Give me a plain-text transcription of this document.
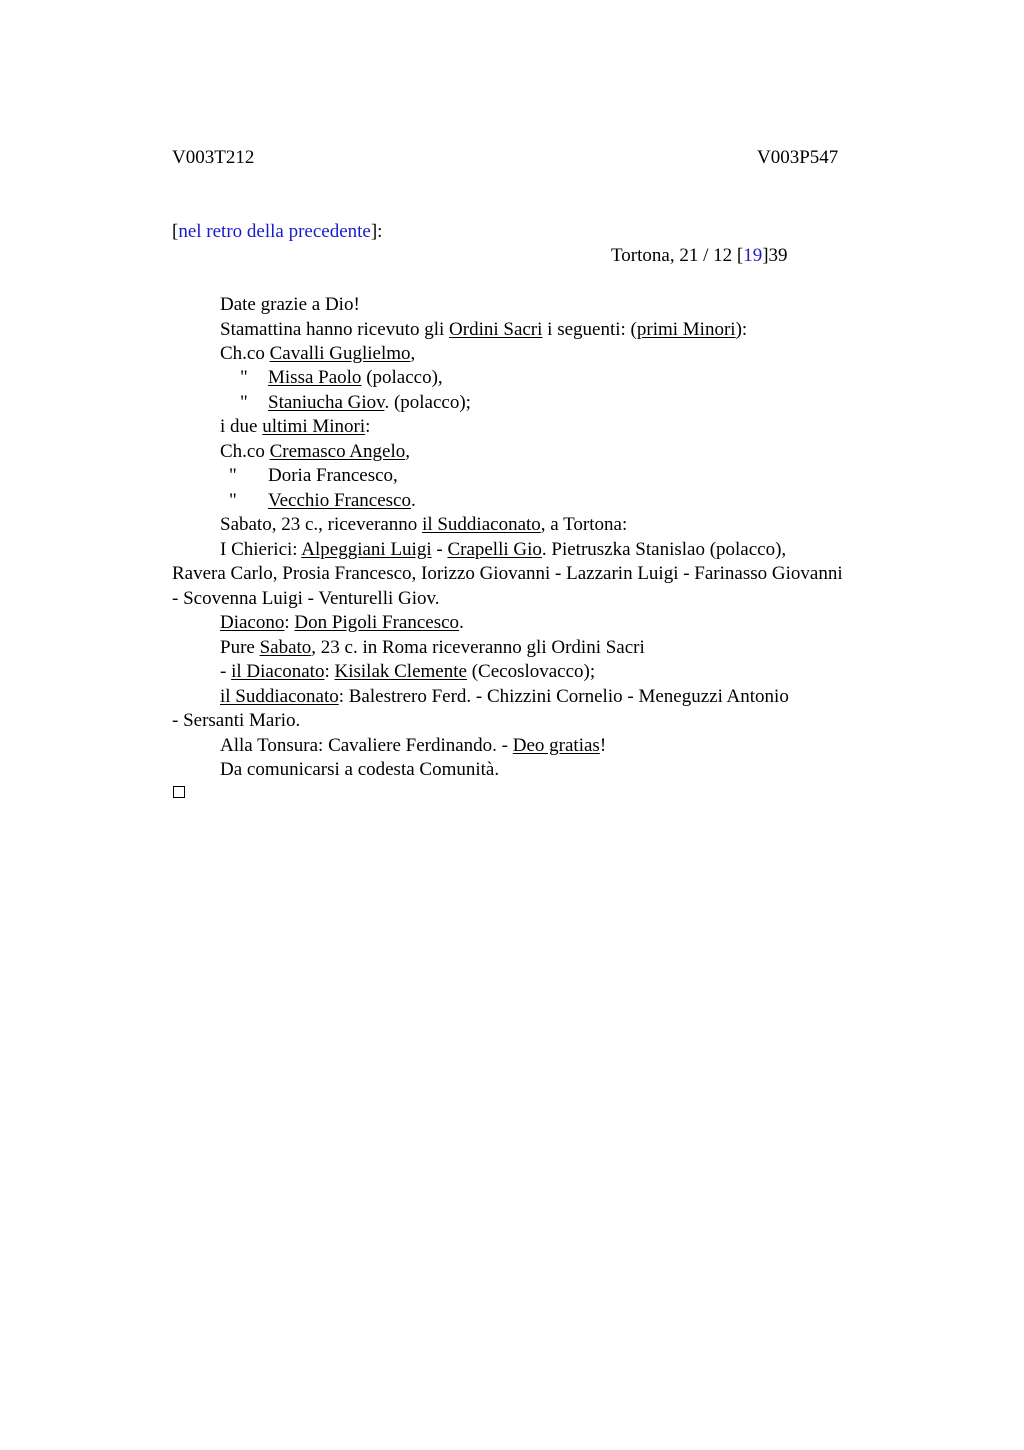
V003T212	V003P547
[nel retro della precedente]:
Tortona, 21 / 12 [19]39
Date grazie a Dio!
Stamattina hanno ricevuto gli Ordini Sacri i seguenti: (primi Minori):
Ch.co Cavalli Guglielmo,
" Missa Paolo (polacco),
" Staniucha Giov. (polacco);
i due ultimi Minori:
Ch.co Cremasco Angelo,
" Doria Francesco,
" Vecchio Francesco.
Sabato, 23 c., riceveranno il Suddiaconato, a Tortona:
I Chierici: Alpeggiani Luigi - Crapelli Gio. Pietruszka Stanislao (polacco),
Ravera Carlo, Prosia Francesco, Iorizzo Giovanni - Lazzarin Luigi - Farinasso Giovanni
- Scovenna Luigi - Venturelli Giov.
Diacono: Don Pigoli Francesco.
Pure Sabato, 23 c. in Roma riceveranno gli Ordini Sacri
- il Diaconato: Kisilak Clemente (Cecoslovacco);
il Suddiaconato: Balestrero Ferd. - Chizzini Cornelio - Meneguzzi Antonio
- Sersanti Mario.
Alla Tonsura: Cavaliere Ferdinando. - Deo gratias!
Da comunicarsi a codesta Comunità.
